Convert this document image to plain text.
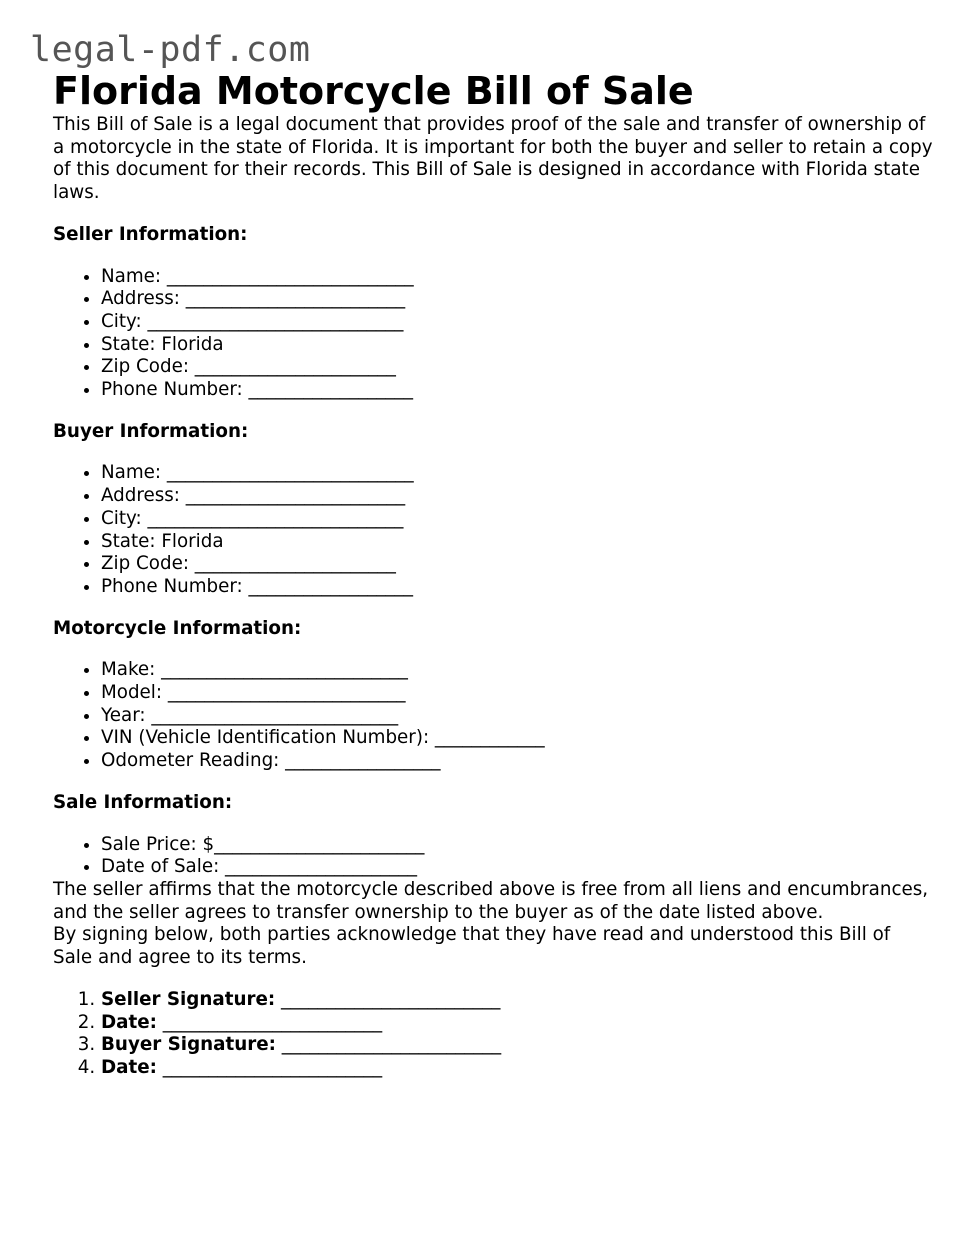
legal-pdf.com
Florida Motorcycle Bill of Sale

This Bill of Sale is a legal document that provides proof of the sale and transfer of ownership of a motorcycle in the state of Florida. It is important for both the buyer and seller to retain a copy of this document for their records. This Bill of Sale is designed in accordance with Florida state laws.

Seller Information:
• Name: ___________________________
• Address: ________________________
• City: ____________________________
• State: Florida
• Zip Code: ______________________
• Phone Number: __________________
Buyer Information:
• Name: ___________________________
• Address: ________________________
• City: ____________________________
• State: Florida
• Zip Code: ______________________
• Phone Number: __________________
Motorcycle Information:
• Make: ___________________________
• Model: __________________________
• Year: ___________________________
• VIN (Vehicle Identification Number): ____________
• Odometer Reading: _________________
Sale Information:
• Sale Price: $_______________________
• Date of Sale: _____________________

The seller affirms that the motorcycle described above is free from all liens and encumbrances, and the seller agrees to transfer ownership to the buyer as of the date listed above.

By signing below, both parties acknowledge that they have read and understood this Bill of Sale and agree to its terms.

1. Seller Signature: ________________________
2. Date: ________________________
3. Buyer Signature: ________________________
4. Date: ________________________
